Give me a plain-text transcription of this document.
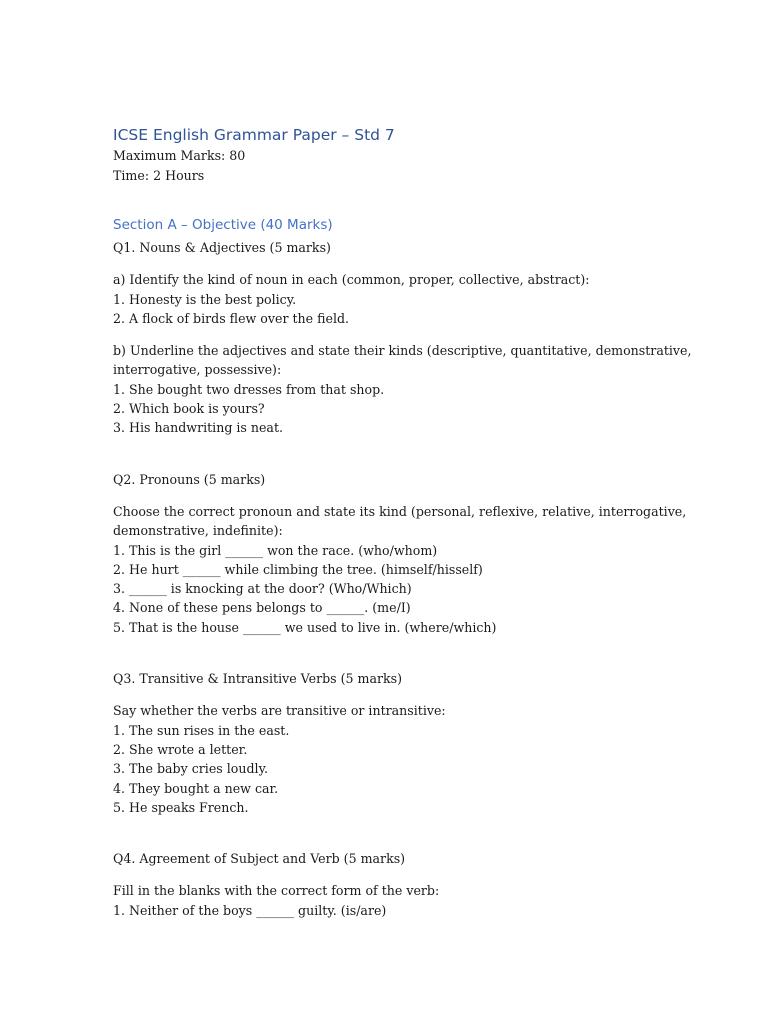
ICSE English Grammar Paper – Std 7

Maximum Marks: 80

Time: 2 Hours

Section A – Objective (40 Marks)

Q1. Nouns & Adjectives (5 marks)

a) Identify the kind of noun in each (common, proper, collective, abstract):

1. Honesty is the best policy.

2. A flock of birds flew over the field.

b) Underline the adjectives and state their kinds (descriptive, quantitative, demonstrative,

interrogative, possessive):

1. She bought two dresses from that shop.

2. Which book is yours?

3. His handwriting is neat.

Q2. Pronouns (5 marks)

Choose the correct pronoun and state its kind (personal, reflexive, relative, interrogative,

demonstrative, indefinite):

1. This is the girl ______ won the race. (who/whom)

2. He hurt ______ while climbing the tree. (himself/hisself)

3. ______ is knocking at the door? (Who/Which)

4. None of these pens belongs to ______. (me/I)

5. That is the house ______ we used to live in. (where/which)

Q3. Transitive & Intransitive Verbs (5 marks)

Say whether the verbs are transitive or intransitive:

1. The sun rises in the east.

2. She wrote a letter.

3. The baby cries loudly.

4. They bought a new car.

5. He speaks French.

Q4. Agreement of Subject and Verb (5 marks)

Fill in the blanks with the correct form of the verb:

1. Neither of the boys ______ guilty. (is/are)
